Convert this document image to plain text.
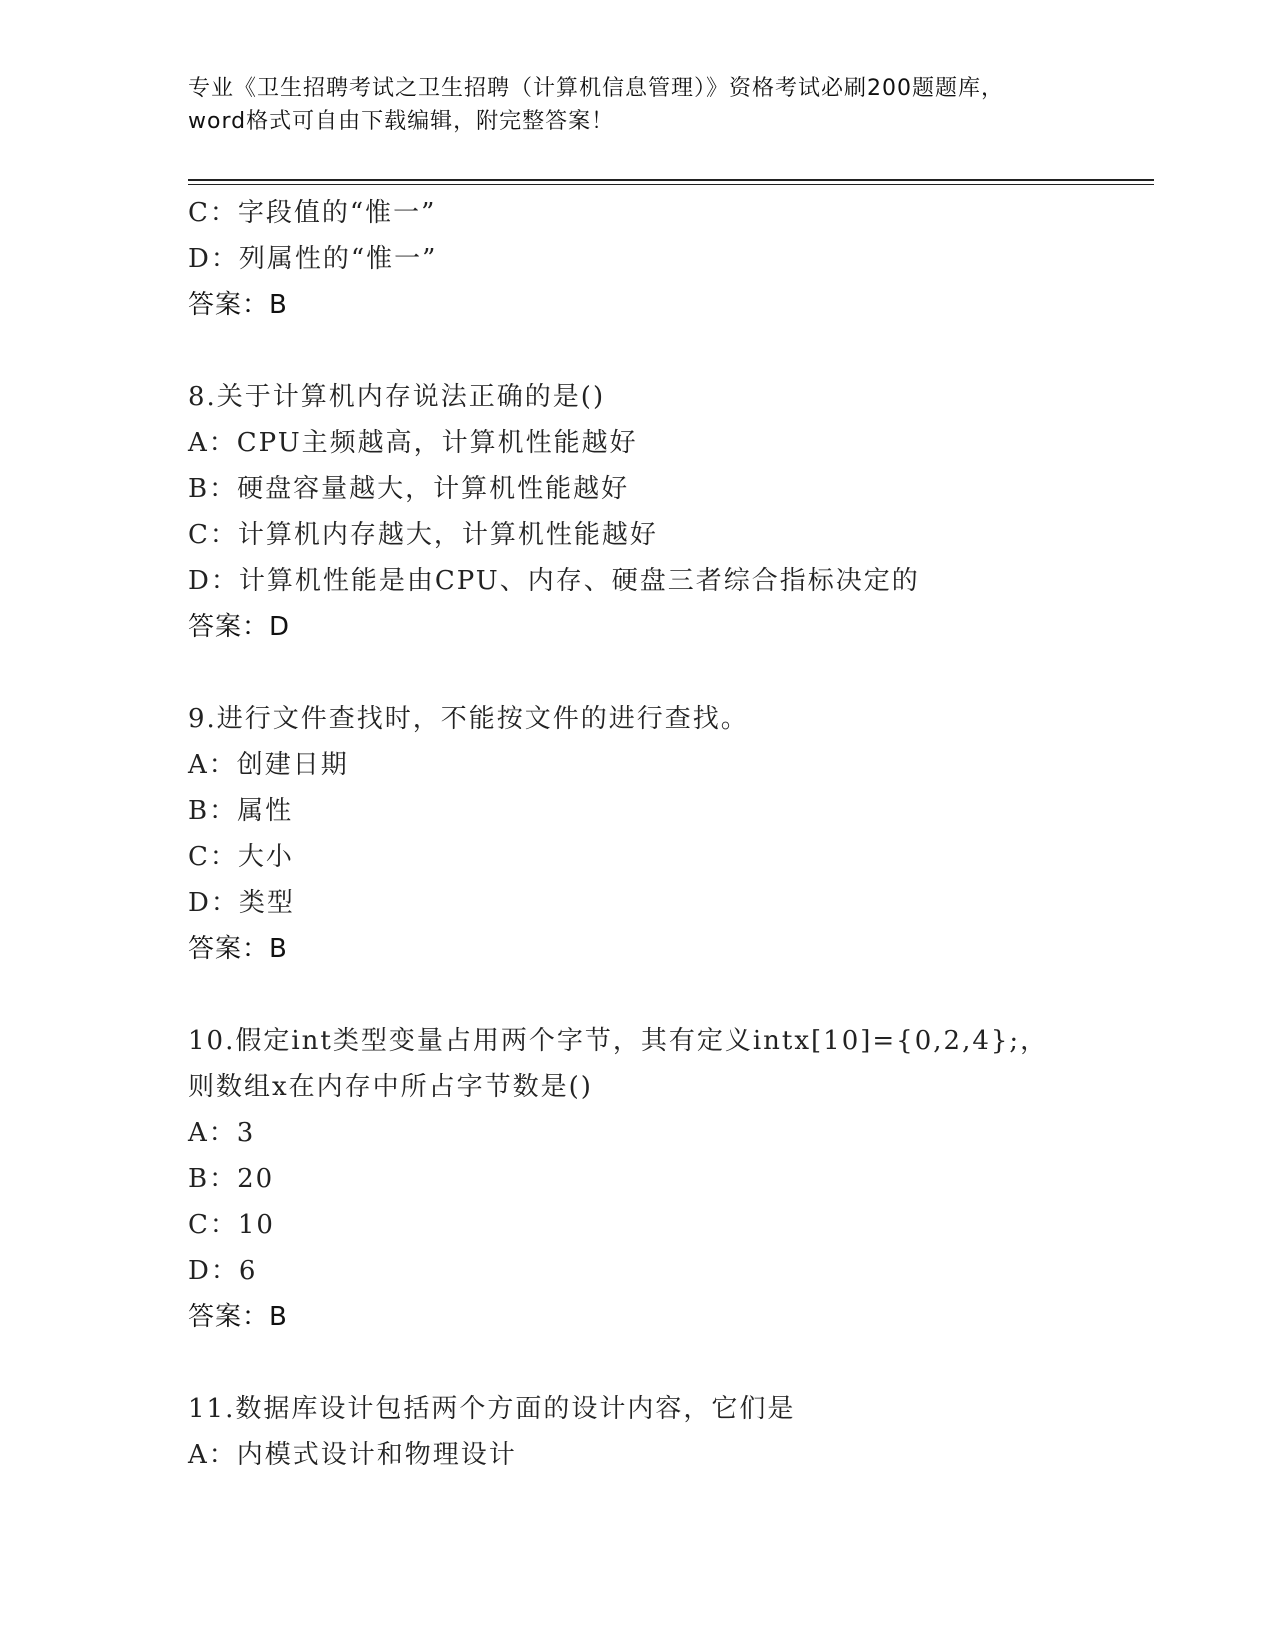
专业《卫生招聘考试之卫生招聘（计算机信息管理）》资格考试必刷200题题库，
word格式可自由下载编辑，附完整答案！
C：字段值的“惟一”
D：列属性的“惟一”
答案：B
8.关于计算机内存说法正确的是()
A：CPU主频越高，计算机性能越好
B：硬盘容量越大，计算机性能越好
C：计算机内存越大，计算机性能越好
D：计算机性能是由CPU、内存、硬盘三者综合指标决定的
答案：D
9.进行文件查找时，不能按文件的进行查找。
A：创建日期
B：属性
C：大小
D：类型
答案：B
10.假定int类型变量占用两个字节，其有定义intx[10]={0,2,4};，
则数组x在内存中所占字节数是()
A：3
B：20
C：10
D：6
答案：B
11.数据库设计包括两个方面的设计内容，它们是
A：内模式设计和物理设计
